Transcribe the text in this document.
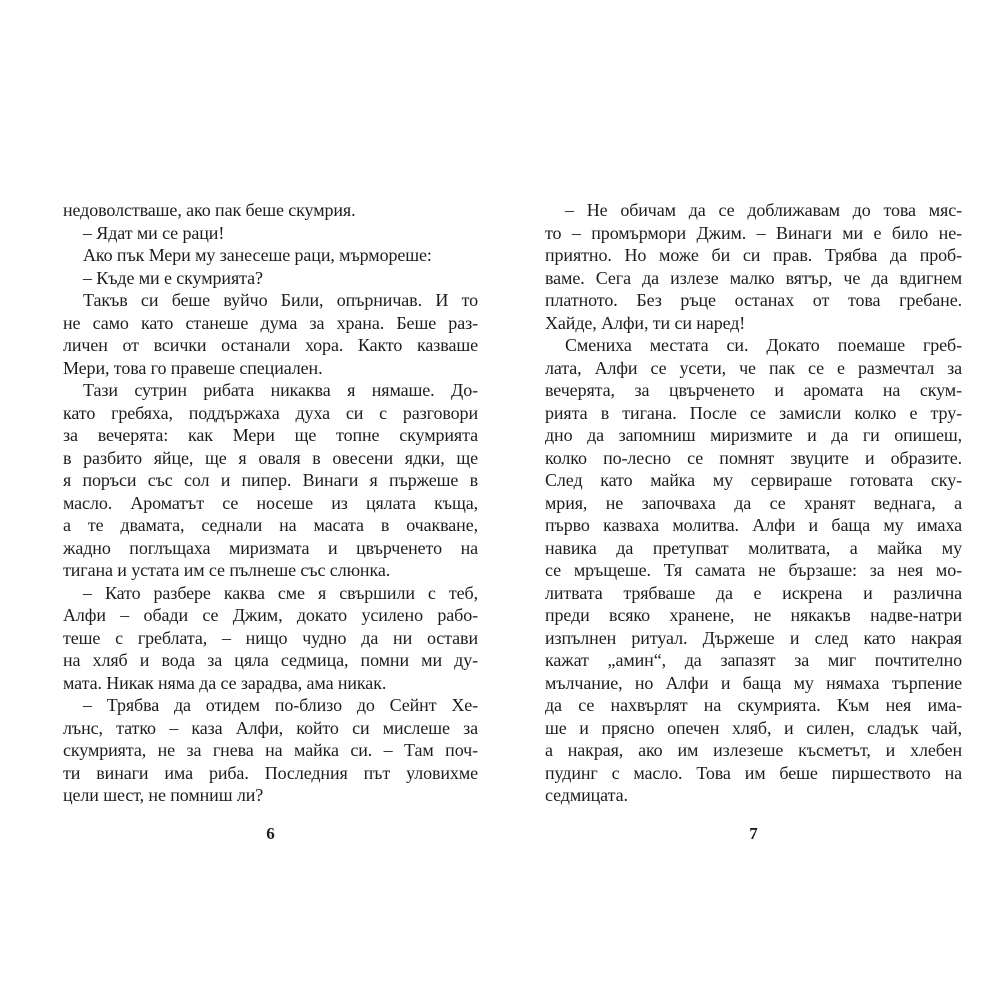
недоволстваше, ако пак беше скумрия.
– Ядат ми се раци!
Ако пък Мери му занесеше раци, мърмореше:
– Къде ми е скумрията?
Такъв си беше вуйчо Били, опърничав. И то
не само като станеше дума за храна. Беше раз-
личен от всички останали хора. Както казваше
Мери, това го правеше специален.
Тази сутрин рибата никаква я нямаше. До-
като гребяха, поддържаха духа си с разговори
за вечерята: как Мери ще топне скумрията
в разбито яйце, ще я оваля в овесени ядки, ще
я поръси със сол и пипер. Винаги я пържеше в
масло. Ароматът се носеше из цялата къща,
а те двамата, седнали на масата в очакване,
жадно поглъщаха миризмата и цвърченето на
тигана и устата им се пълнеше със слюнка.
– Като разбере каква сме я свършили с теб,
Алфи – обади се Джим, докато усилено рабо-
теше с греблата, – нищо чудно да ни остави
на хляб и вода за цяла седмица, помни ми ду-
мата. Никак няма да се зарадва, ама никак.
– Трябва да отидем по-близо до Сейнт Хе-
лънс, татко – каза Алфи, който си мислеше за
скумрията, не за гнева на майка си. – Там поч-
ти винаги има риба. Последния път уловихме
цели шест, не помниш ли?
6
– Не обичам да се доближавам до това мяс-
то – промърмори Джим. – Винаги ми е било не-
приятно. Но може би си прав. Трябва да проб-
ваме. Сега да излезе малко вятър, че да вдигнем
платното. Без ръце останах от това гребане.
Хайде, Алфи, ти си наред!
Смениха местата си. Докато поемаше греб-
лата, Алфи се усети, че пак се е размечтал за
вечерята, за цвърченето и аромата на скум-
рията в тигана. После се замисли колко е тру-
дно да запомниш миризмите и да ги опишеш,
колко по-лесно се помнят звуците и образите.
След като майка му сервираше готовата ску-
мрия, не започваха да се хранят веднага, а
първо казваха молитва. Алфи и баща му имаха
навика да претупват молитвата, а майка му
се мръщеше. Тя самата не бързаше: за нея мо-
литвата трябваше да е искрена и различна
преди всяко хранене, не някакъв надве-натри
изпълнен ритуал. Държеше и след като накрая
кажат „амин“, да запазят за миг почтително
мълчание, но Алфи и баща му нямаха търпение
да се нахвърлят на скумрията. Към нея има-
ше и прясно опечен хляб, и силен, сладък чай,
а накрая, ако им излезеше късметът, и хлебен
пудинг с масло. Това им беше пиршеството на
седмицата.
7
